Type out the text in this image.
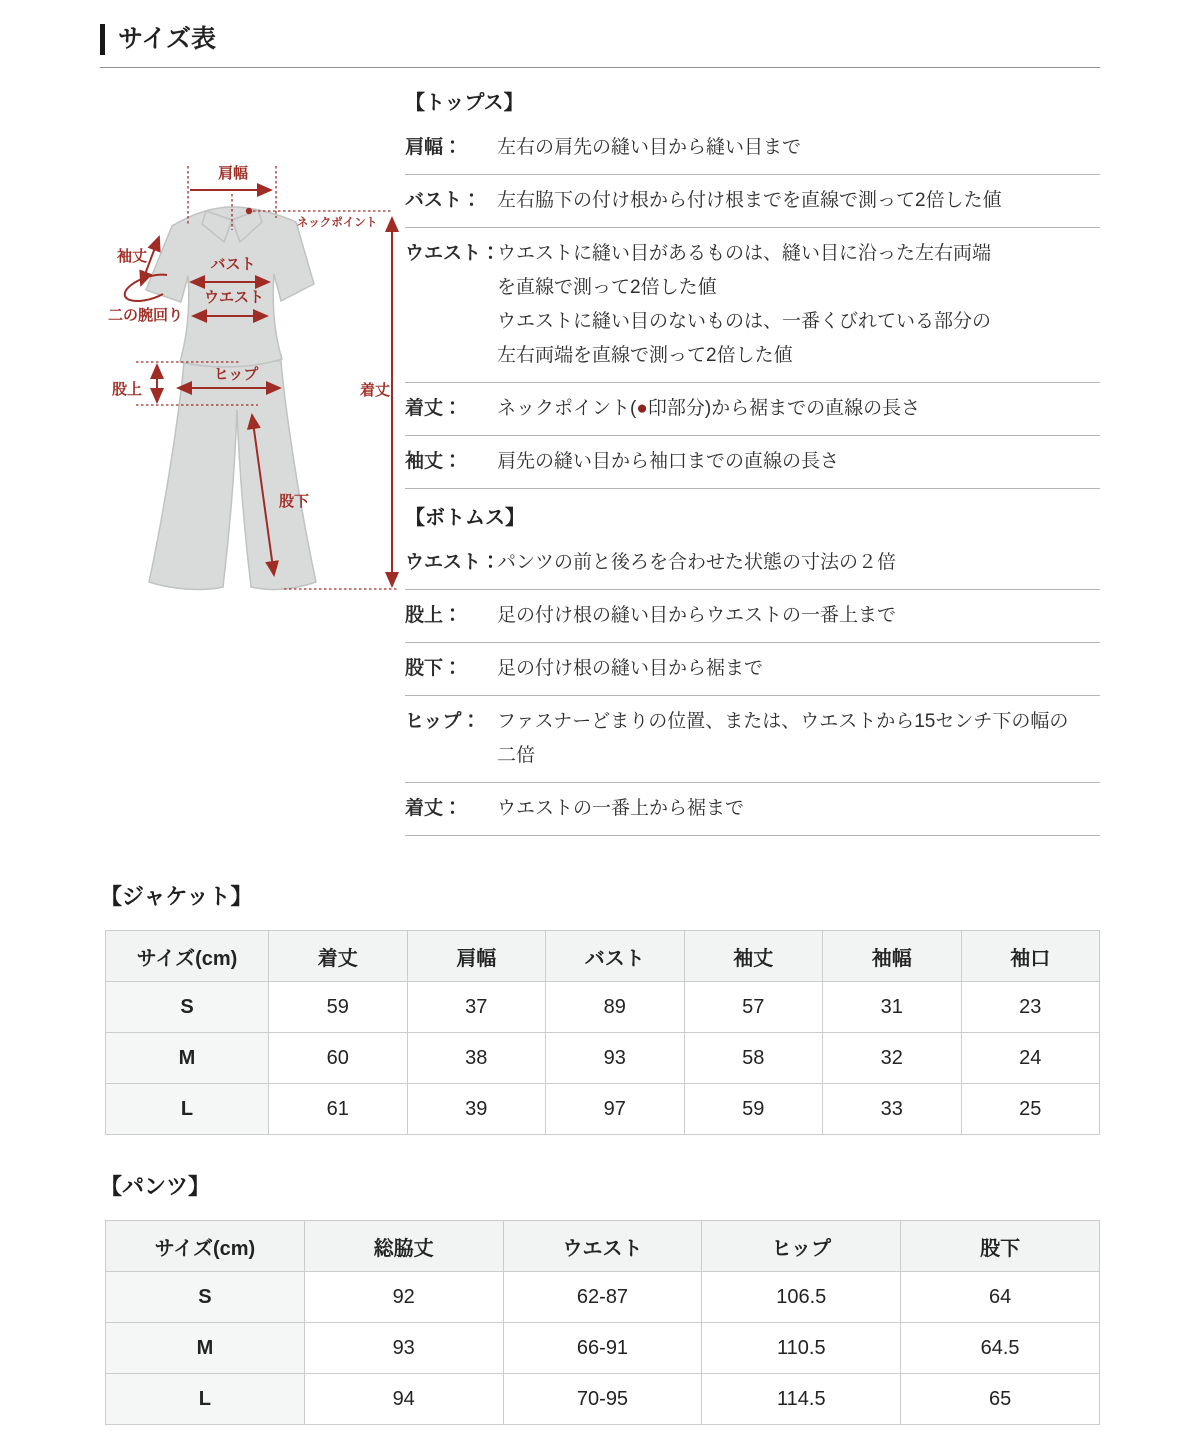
サイズ表
肩幅
ネックポイント
着丈
袖丈
二の腕回り
バスト
ウエスト
股上
ヒップ
股下

【トップス】

肩幅：	左右の肩先の縫い目から縫い目まで
バスト： 左右脇下の付け根から付け根までを直線で測って2倍した値
ウエスト：
ウエストに縫い目があるものは、縫い目に沿った左右両端
を直線で測って2倍した値
ウエストに縫い目のないものは、一番くびれている部分の
左右両端を直線で測って2倍した値
着丈：	ネックポイント(●印部分)から裾までの直線の長さ
袖丈：	肩先の縫い目から袖口までの直線の長さ

【ボトムス】

ウエスト：
パンツの前と後ろを合わせた状態の寸法の２倍
股上：	足の付け根の縫い目からウエストの一番上まで
股下：	足の付け根の縫い目から裾まで
ヒップ： ファスナーどまりの位置、または、ウエストから15センチ下の幅の
二倍
着丈：	ウエストの一番上から裾まで

【ジャケット】

サイズ(cm)	着丈	肩幅	バスト	袖丈	袖幅	袖口
S	59	37	89	57	31	23
M	60	38	93	58	32	24
L	61	39	97	59	33	25

【パンツ】

サイズ(cm)	総脇丈	ウエスト	ヒップ	股下
S	92	62-87	106.5	64
M	93	66-91	110.5	64.5
L	94	70-95	114.5	65
